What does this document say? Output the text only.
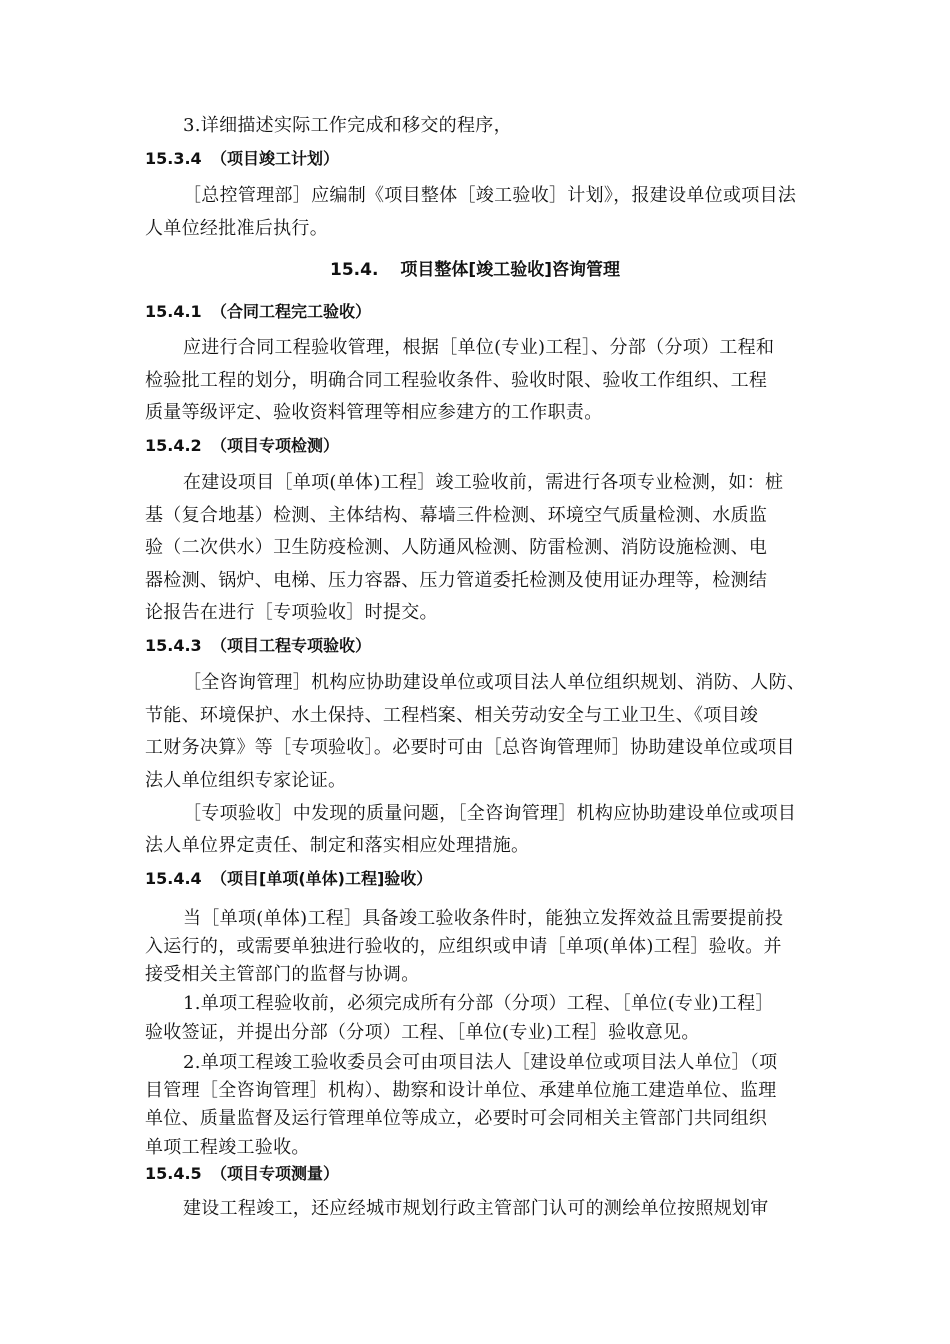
3.详细描述实际工作完成和移交的程序，
15.3.4 （项目竣工计划）
［总控管理部］应编制《项目整体［竣工验收］计划》，报建设单位或项目法
人单位经批准后执行。
15.4. 项目整体[竣工验收]咨询管理
15.4.1 （合同工程完工验收）
应进行合同工程验收管理，根据［单位(专业)工程］、分部（分项）工程和
检验批工程的划分，明确合同工程验收条件、验收时限、验收工作组织、工程
质量等级评定、验收资料管理等相应参建方的工作职责。
15.4.2 （项目专项检测）
在建设项目［单项(单体)工程］竣工验收前，需进行各项专业检测，如：桩
基（复合地基）检测、主体结构、幕墙三件检测、环境空气质量检测、水质监
验（二次供水）卫生防疫检测、人防通风检测、防雷检测、消防设施检测、电
器检测、锅炉、电梯、压力容器、压力管道委托检测及使用证办理等，检测结
论报告在进行［专项验收］时提交。
15.4.3 （项目工程专项验收）
［全咨询管理］机构应协助建设单位或项目法人单位组织规划、消防、人防、
节能、环境保护、水土保持、工程档案、相关劳动安全与工业卫生、《项目竣
工财务决算》等［专项验收］。必要时可由［总咨询管理师］协助建设单位或项目
法人单位组织专家论证。
［专项验收］中发现的质量问题，［全咨询管理］机构应协助建设单位或项目
法人单位界定责任、制定和落实相应处理措施。
15.4.4 （项目[单项(单体)工程]验收）
当［单项(单体)工程］具备竣工验收条件时，能独立发挥效益且需要提前投
入运行的，或需要单独进行验收的，应组织或申请［单项(单体)工程］验收。并
接受相关主管部门的监督与协调。
1.单项工程验收前，必须完成所有分部（分项）工程、［单位(专业)工程］
验收签证，并提出分部（分项）工程、［单位(专业)工程］验收意见。
2.单项工程竣工验收委员会可由项目法人［建设单位或项目法人单位］（项
目管理［全咨询管理］机构）、勘察和设计单位、承建单位施工建造单位、监理
单位、质量监督及运行管理单位等成立，必要时可会同相关主管部门共同组织
单项工程竣工验收。
15.4.5 （项目专项测量）
建设工程竣工，还应经城市规划行政主管部门认可的测绘单位按照规划审
